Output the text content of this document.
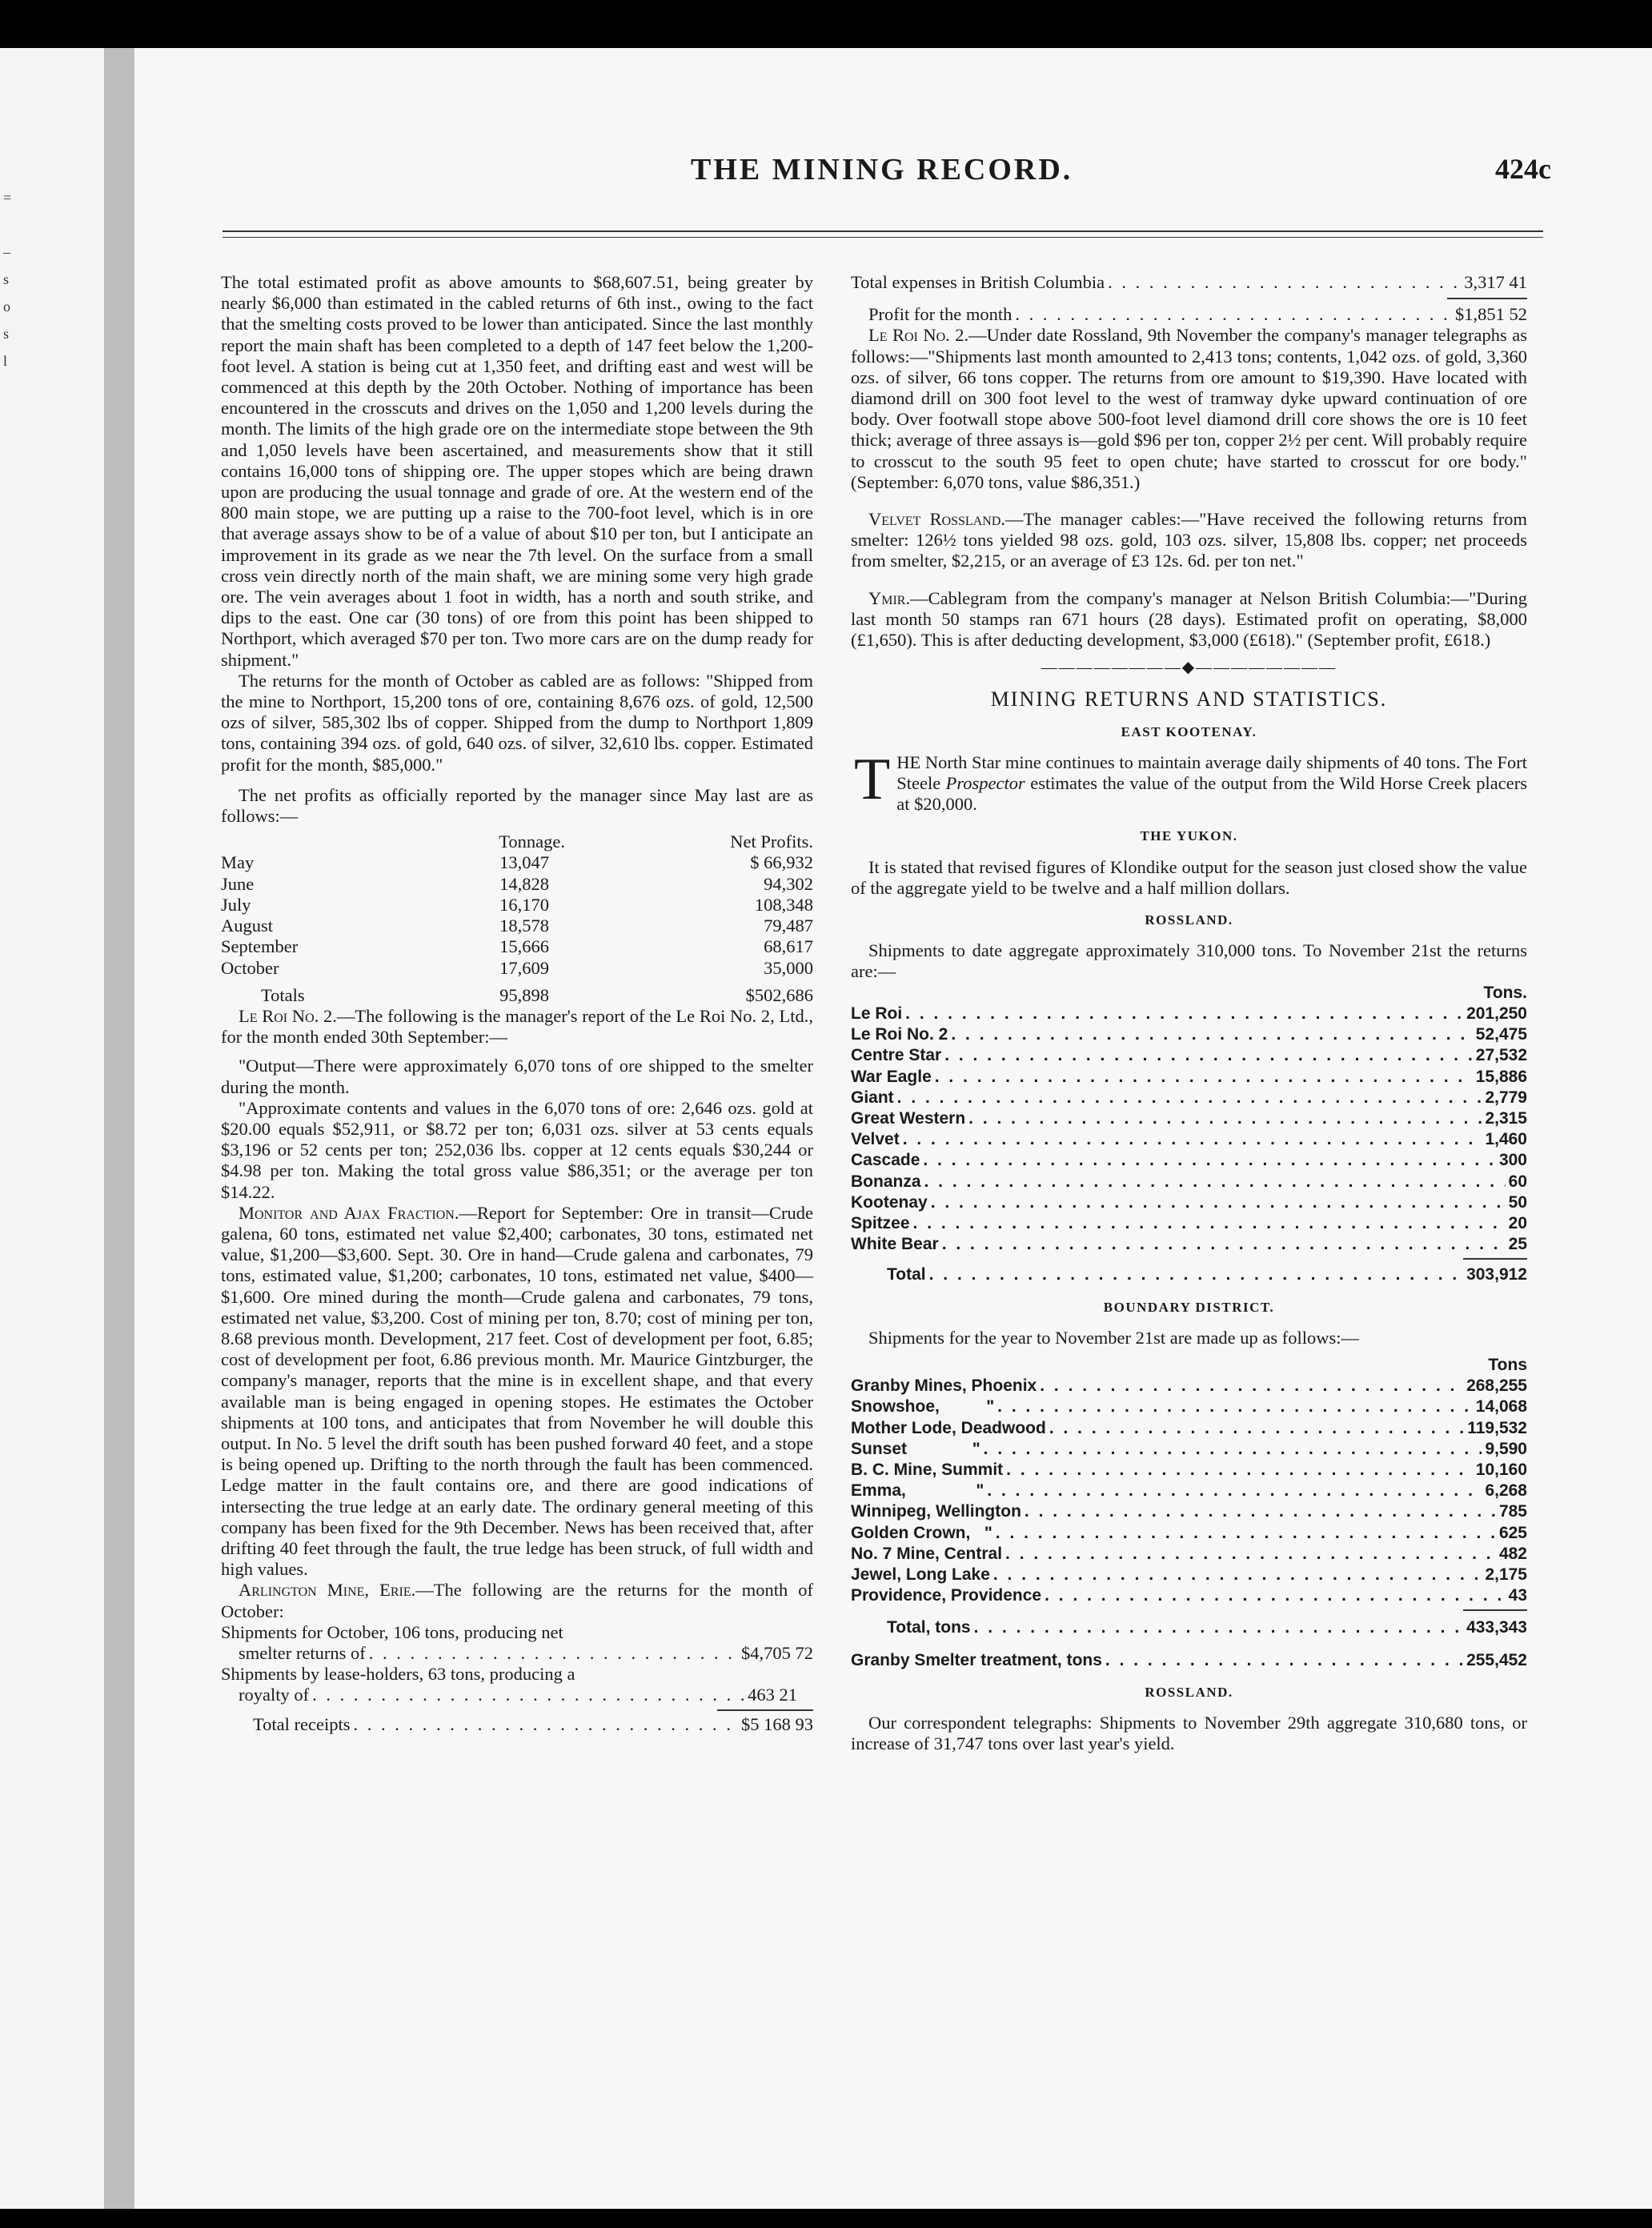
=

–
s
o
s
l
THE MINING RECORD.	424c

The total estimated profit as above amounts to $68,607.51, being greater by nearly $6,000 than estimated in the cabled returns of 6th inst., owing to the fact that the smelting costs proved to be lower than anticipated. Since the last monthly report the main shaft has been completed to a depth of 147 feet below the 1,200-foot level. A station is being cut at 1,350 feet, and drifting east and west will be commenced at this depth by the 20th October. Nothing of importance has been encountered in the crosscuts and drives on the 1,050 and 1,200 levels during the month. The limits of the high grade ore on the intermediate stope between the 9th and 1,050 levels have been ascertained, and measurements show that it still contains 16,000 tons of shipping ore. The upper stopes which are being drawn upon are producing the usual tonnage and grade of ore. At the western end of the 800 main stope, we are putting up a raise to the 700-foot level, which is in ore that average assays show to be of a value of about $10 per ton, but I anticipate an improvement in its grade as we near the 7th level. On the surface from a small cross vein directly north of the main shaft, we are mining some very high grade ore. The vein averages about 1 foot in width, has a north and south strike, and dips to the east. One car (30 tons) of ore from this point has been shipped to Northport, which averaged $70 per ton. Two more cars are on the dump ready for shipment."

The returns for the month of October as cabled are as follows: "Shipped from the mine to Northport, 15,200 tons of ore, containing 8,676 ozs. of gold, 12,500 ozs of silver, 585,302 lbs of copper. Shipped from the dump to Northport 1,809 tons, containing 394 ozs. of gold, 640 ozs. of silver, 32,610 lbs. copper. Estimated profit for the month, $85,000."

The net profits as officially reported by the manager since May last are as follows:—

Tonnage.	Net Profits.
May	13,047	$ 66,932
June	14,828	94,302
July	16,170	108,348
August	18,578	79,487
September	15,666	68,617
October	17,609	35,000
Totals	95,898	$502,686

Le Roi No. 2.—The following is the manager's report of the Le Roi No. 2, Ltd., for the month ended 30th September:—

"Output—There were approximately 6,070 tons of ore shipped to the smelter during the month.

"Approximate contents and values in the 6,070 tons of ore: 2,646 ozs. gold at $20.00 equals $52,911, or $8.72 per ton; 6,031 ozs. silver at 53 cents equals $3,196 or 52 cents per ton; 252,036 lbs. copper at 12 cents equals $30,244 or $4.98 per ton. Making the total gross value $86,351; or the average per ton $14.22.

Monitor and Ajax Fraction.—Report for September: Ore in transit—Crude galena, 60 tons, estimated net value $2,400; carbonates, 30 tons, estimated net value, $1,200—$3,600. Sept. 30. Ore in hand—Crude galena and carbonates, 79 tons, estimated value, $1,200; carbonates, 10 tons, estimated net value, $400—$1,600. Ore mined during the month—Crude galena and carbonates, 79 tons, estimated net value, $3,200. Cost of mining per ton, 8.70; cost of mining per ton, 8.68 previous month. Development, 217 feet. Cost of development per foot, 6.85; cost of development per foot, 6.86 previous month. Mr. Maurice Gintzburger, the company's manager, reports that the mine is in excellent shape, and that every available man is being engaged in opening stopes. He estimates the October shipments at 100 tons, and anticipates that from November he will double this output. In No. 5 level the drift south has been pushed forward 40 feet, and a stope is being opened up. Drifting to the north through the fault has been commenced. Ledge matter in the fault contains ore, and there are good indications of intersecting the true ledge at an early date. The ordinary general meeting of this company has been fixed for the 9th December. News has been received that, after drifting 40 feet through the fault, the true ledge has been struck, of full width and high values.

Arlington Mine, Erie.—The following are the returns for the month of October:

Shipments for October, 106 tons, producing net
smelter returns of . . .	$4,705 72
Shipments by lease-holders, 63 tons, producing a
royalty of . . .	463 21
Total receipts . . .	$5 168 93
Total expenses in British Columbia . . .	3,317 41
Profit for the month . . .	$1,851 52

Le Roi No. 2.—Under date Rossland, 9th November the company's manager telegraphs as follows:—"Shipments last month amounted to 2,413 tons; contents, 1,042 ozs. of gold, 3,360 ozs. of silver, 66 tons copper. The returns from ore amount to $19,390. Have located with diamond drill on 300 foot level to the west of tramway dyke upward continuation of ore body. Over footwall stope above 500-foot level diamond drill core shows the ore is 10 feet thick; average of three assays is—gold $96 per ton, copper 2½ per cent. Will probably require to crosscut to the south 95 feet to open chute; have started to crosscut for ore body." (September: 6,070 tons, value $86,351.)

Velvet Rossland.—The manager cables:—"Have received the following returns from smelter: 126½ tons yielded 98 ozs. gold, 103 ozs. silver, 15,808 lbs. copper; net proceeds from smelter, $2,215, or an average of £3 12s. 6d. per ton net."

Ymir.—Cablegram from the company's manager at Nelson British Columbia:—"During last month 50 stamps ran 671 hours (28 days). Estimated profit on operating, $8,000 (£1,650). This is after deducting development, $3,000 (£618)." (September profit, £618.)

————————◆————————
MINING RETURNS AND STATISTICS.
EAST KOOTENAY.

THE North Star mine continues to maintain average daily shipments of 40 tons. The Fort Steele Prospector estimates the value of the output from the Wild Horse Creek placers at $20,000.

THE YUKON.

It is stated that revised figures of Klondike output for the season just closed show the value of the aggregate yield to be twelve and a half million dollars.

ROSSLAND.

Shipments to date aggregate approximately 310,000 tons. To November 21st the returns are:—

Tons.
Le Roi . . .	201,250
Le Roi No. 2 . . .	52,475
Centre Star . . .	27,532
War Eagle . . .	15,886
Giant . . .	2,779
Great Western . . .	2,315
Velvet . . .	1,460
Cascade . . .	300
Bonanza . . .	60
Kootenay . . .	50
Spitzee . . .	20
White Bear . . .	25
Total . . .	303,912
BOUNDARY DISTRICT.

Shipments for the year to November 21st are made up as follows:—

Tons
Granby Mines, Phoenix . . .	268,255
Snowshoe,          " . . .	14,068
Mother Lode, Deadwood . . .	119,532
Sunset              " . . .	9,590
B. C. Mine, Summit . . .	10,160
Emma,               " . . .	6,268
Winnipeg, Wellington . . .	785
Golden Crown,   " . . .	625
No. 7 Mine, Central . . .	482
Jewel, Long Lake . . .	2,175
Providence, Providence . . .	43
Total, tons . . .	433,343
Granby Smelter treatment, tons . . .	255,452
ROSSLAND.

Our correspondent telegraphs: Shipments to November 29th aggregate 310,680 tons, or increase of 31,747 tons over last year's yield.
